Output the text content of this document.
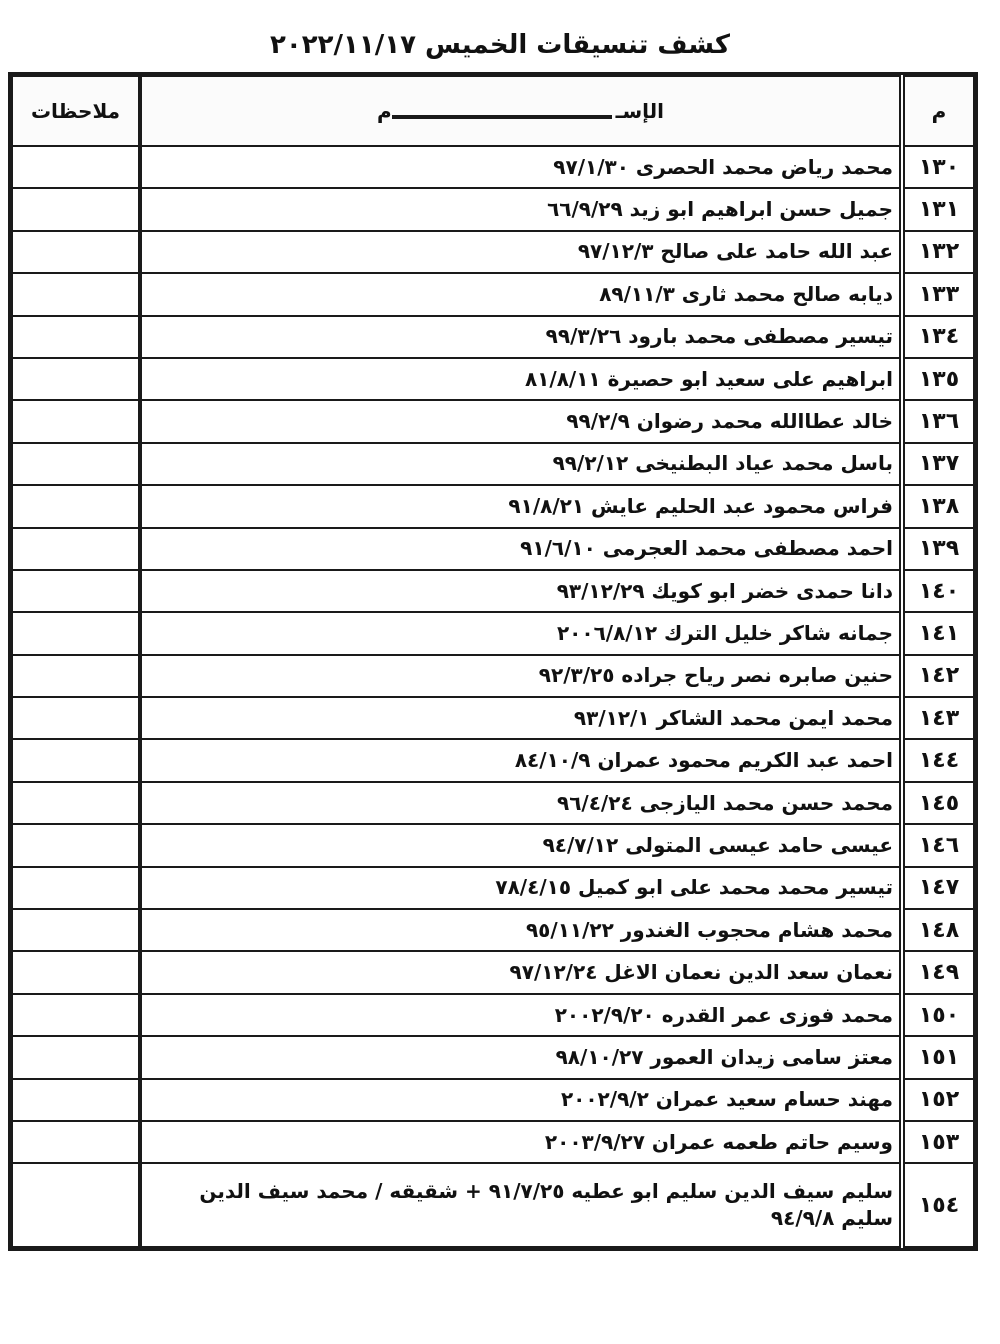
كشف تنسيقات الخميس ٢٠٢٢/١١/١٧
م	الإسـم	ملاحظات
١٣٠	محمد رياض محمد الحصرى ٩٧/١/٣٠	
١٣١	جميل حسن ابراهيم ابو زيد ٦٦/٩/٢٩	
١٣٢	عبد الله حامد على صالح ٩٧/١٢/٣	
١٣٣	ديابه صالح محمد ثارى ٨٩/١١/٣	
١٣٤	تيسير مصطفى محمد بارود ٩٩/٣/٢٦	
١٣٥	ابراهيم على سعيد ابو حصيرة ٨١/٨/١١	
١٣٦	خالد عطاالله محمد رضوان ٩٩/٢/٩	
١٣٧	باسل محمد عياد البطنيخى ٩٩/٢/١٢	
١٣٨	فراس محمود عبد الحليم عايش ٩١/٨/٢١	
١٣٩	احمد مصطفى محمد العجرمى ٩١/٦/١٠	
١٤٠	دانا حمدى خضر ابو كويك ٩٣/١٢/٢٩	
١٤١	جمانه شاكر خليل الترك ٢٠٠٦/٨/١٢	
١٤٢	حنين صابره نصر رياح جراده ٩٢/٣/٢٥	
١٤٣	محمد ايمن محمد الشاكر ٩٣/١٢/١	
١٤٤	احمد عبد الكريم محمود عمران ٨٤/١٠/٩	
١٤٥	محمد حسن محمد اليازجى ٩٦/٤/٢٤	
١٤٦	عيسى حامد عيسى المتولى ٩٤/٧/١٢	
١٤٧	تيسير محمد محمد على ابو كميل ٧٨/٤/١٥	
١٤٨	محمد هشام محجوب الغندور ٩٥/١١/٢٢	
١٤٩	نعمان سعد الدين نعمان الاغل ٩٧/١٢/٢٤	
١٥٠	محمد فوزى عمر القدره ٢٠٠٢/٩/٢٠	
١٥١	معتز سامى زيدان العمور ٩٨/١٠/٢٧	
١٥٢	مهند حسام سعيد عمران ٢٠٠٢/٩/٢	
١٥٣	وسيم حاتم طعمه عمران ٢٠٠٣/٩/٢٧	
١٥٤	سليم سيف الدين سليم ابو عطيه ٩١/٧/٢٥ + شقيقه / محمد سيف الدين سليم ٩٤/٩/٨	
